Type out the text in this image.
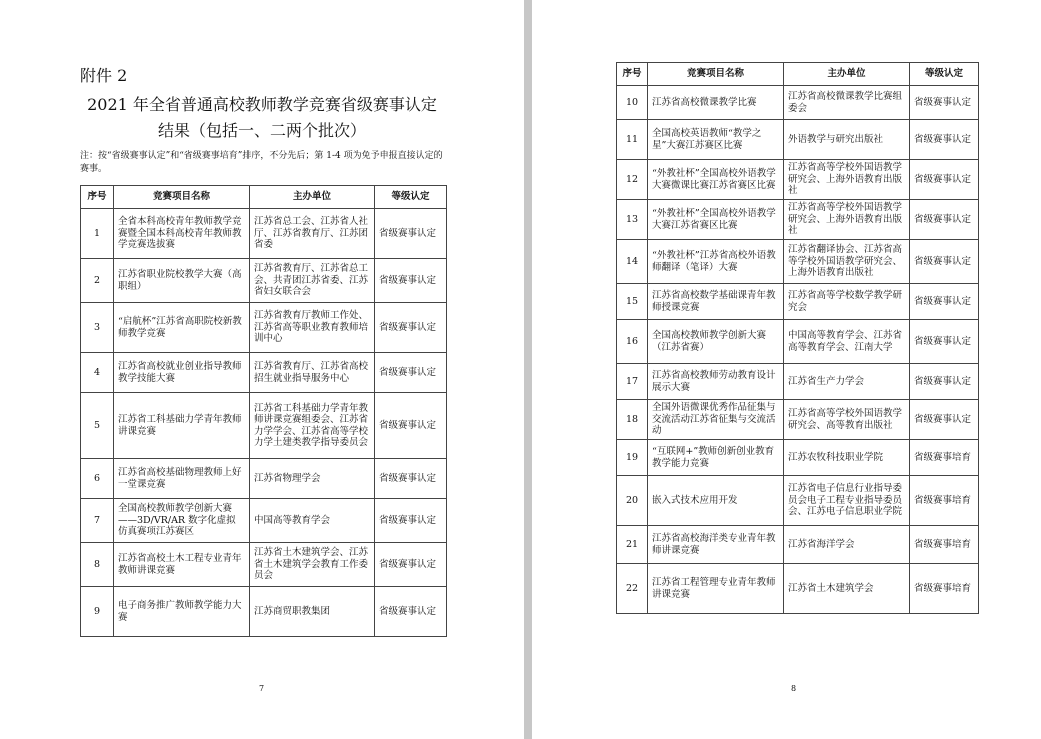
附件 2
2021 年全省普通高校教师教学竞赛省级赛事认定结果（包括一、二两个批次）
注：按“省级赛事认定”和“省级赛事培育”排序，不分先后；第 1-4 项为免予申报直接认定的赛事。
序号	竞赛项目名称	主办单位	等级认定
1	全省本科高校青年教师教学竞赛暨全国本科高校青年教师教学竞赛选拔赛	江苏省总工会、江苏省人社厅、江苏省教育厅、江苏团省委	省级赛事认定
2	江苏省职业院校教学大赛（高职组）	江苏省教育厅、江苏省总工会、共青团江苏省委、江苏省妇女联合会	省级赛事认定
3	“启航杯”江苏省高职院校新教师教学竞赛	江苏省教育厅教师工作处、江苏省高等职业教育教师培训中心	省级赛事认定
4	江苏省高校就业创业指导教师教学技能大赛	江苏省教育厅、江苏省高校招生就业指导服务中心	省级赛事认定
5	江苏省工科基础力学青年教师讲课竞赛	江苏省工科基础力学青年教师讲课竞赛组委会、江苏省力学学会、江苏省高等学校力学土建类教学指导委员会	省级赛事认定
6	江苏省高校基础物理教师上好一堂课竞赛	江苏省物理学会	省级赛事认定
7	全国高校教师教学创新大赛——3D/VR/AR 数字化虚拟仿真赛项江苏赛区	中国高等教育学会	省级赛事认定
8	江苏省高校土木工程专业青年教师讲课竞赛	江苏省土木建筑学会、江苏省土木建筑学会教育工作委员会	省级赛事认定
9	电子商务推广教师教学能力大赛	江苏商贸职教集团	省级赛事认定
7
序号	竞赛项目名称	主办单位	等级认定
10	江苏省高校微课教学比赛	江苏省高校微课教学比赛组委会	省级赛事认定
11	全国高校英语教师“教学之星”大赛江苏赛区比赛	外语教学与研究出版社	省级赛事认定
12	“外教社杯”全国高校外语教学大赛微课比赛江苏省赛区比赛	江苏省高等学校外国语教学研究会、上海外语教育出版社	省级赛事认定
13	“外教社杯”全国高校外语教学大赛江苏省赛区比赛	江苏省高等学校外国语教学研究会、上海外语教育出版社	省级赛事认定
14	“外教社杯”江苏省高校外语教师翻译（笔译）大赛	江苏省翻译协会、江苏省高等学校外国语教学研究会、上海外语教育出版社	省级赛事认定
15	江苏省高校数学基础课青年教师授课竞赛	江苏省高等学校数学教学研究会	省级赛事认定
16	全国高校教师教学创新大赛（江苏省赛）	中国高等教育学会、江苏省高等教育学会、江南大学	省级赛事认定
17	江苏省高校教师劳动教育设计展示大赛	江苏省生产力学会	省级赛事认定
18	全国外语微课优秀作品征集与交流活动江苏省征集与交流活动	江苏省高等学校外国语教学研究会、高等教育出版社	省级赛事认定
19	“互联网+”教师创新创业教育教学能力竞赛	江苏农牧科技职业学院	省级赛事培育
20	嵌入式技术应用开发	江苏省电子信息行业指导委员会电子工程专业指导委员会、江苏电子信息职业学院	省级赛事培育
21	江苏省高校海洋类专业青年教师讲课竞赛	江苏省海洋学会	省级赛事培育
22	江苏省工程管理专业青年教师讲课竞赛	江苏省土木建筑学会	省级赛事培育
8
